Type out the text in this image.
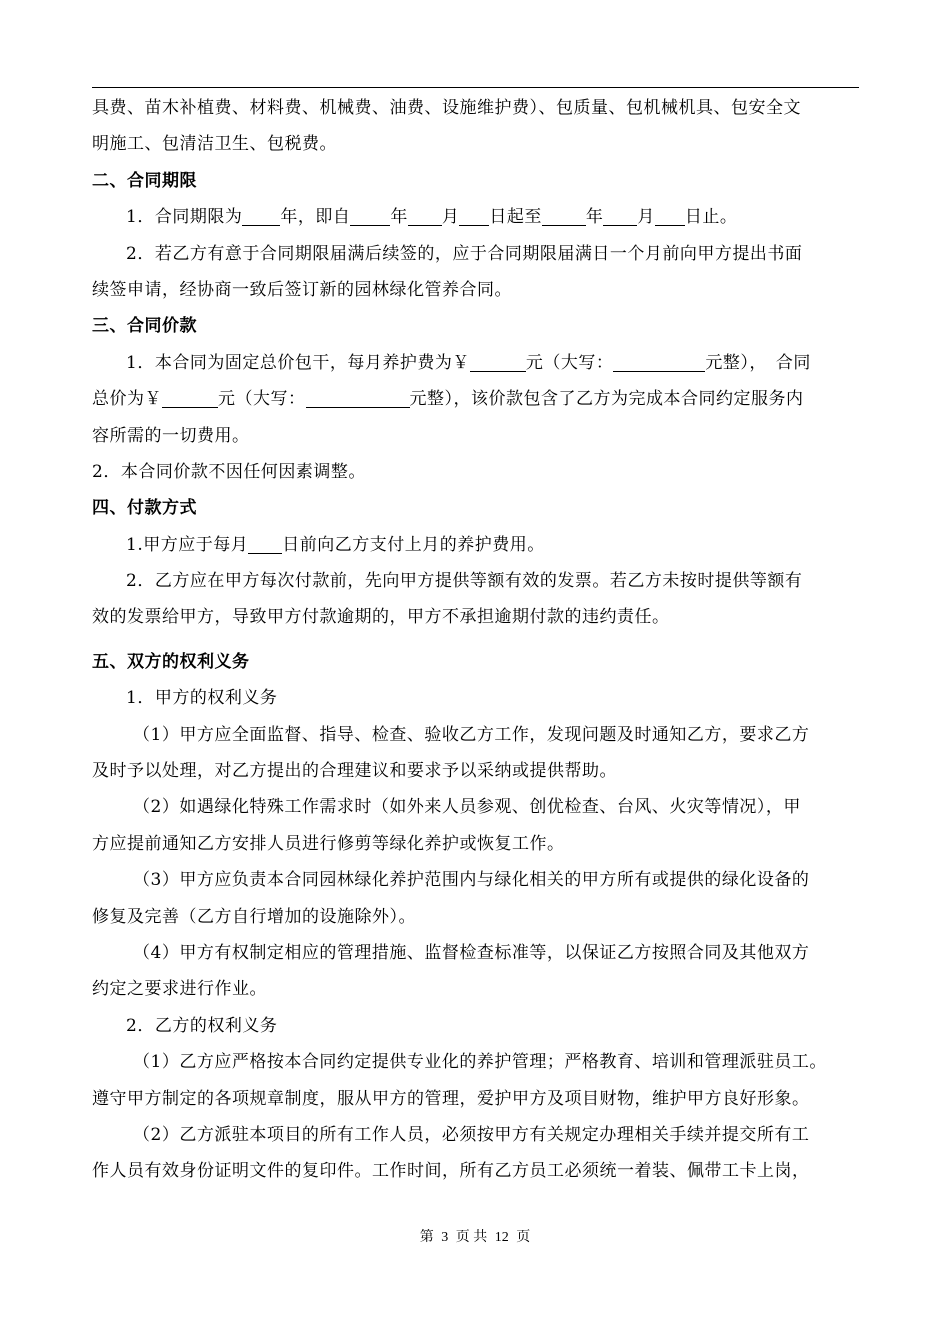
具费、苗木补植费、材料费、机械费、油费、设施维护费）、包质量、包机械机具、包安全文
明施工、包清洁卫生、包税费。
二、合同期限
1．合同期限为 年，即自 年 月 日起至	年 月 日止。
2．若乙方有意于合同期限届满后续签的，应于合同期限届满日一个月前向甲方提出书面
续签申请，经协商一致后签订新的园林绿化管养合同。
三、合同价款
1．本合同为固定总价包干，每月养护费为￥	元（大写：	元整），　合同
总价为￥	元（大写：	元整），该价款包含了乙方为完成本合同约定服务内
容所需的一切费用。
2．本合同价款不因任何因素调整。
四、付款方式
1.甲方应于每月 日前向乙方支付上月的养护费用。
2．乙方应在甲方每次付款前，先向甲方提供等额有效的发票。若乙方未按时提供等额有
效的发票给甲方，导致甲方付款逾期的，甲方不承担逾期付款的违约责任。
五、双方的权利义务
1．甲方的权利义务
（1）甲方应全面监督、指导、检查、验收乙方工作，发现问题及时通知乙方，要求乙方
及时予以处理，对乙方提出的合理建议和要求予以采纳或提供帮助。
（2）如遇绿化特殊工作需求时（如外来人员参观、创优检查、台风、火灾等情况），甲
方应提前通知乙方安排人员进行修剪等绿化养护或恢复工作。
（3）甲方应负责本合同园林绿化养护范围内与绿化相关的甲方所有或提供的绿化设备的
修复及完善（乙方自行增加的设施除外）。
（4）甲方有权制定相应的管理措施、监督检查标准等，以保证乙方按照合同及其他双方
约定之要求进行作业。
2．乙方的权利义务
（1）乙方应严格按本合同约定提供专业化的养护管理；严格教育、培训和管理派驻员工。
遵守甲方制定的各项规章制度，服从甲方的管理，爱护甲方及项目财物，维护甲方良好形象。
（2）乙方派驻本项目的所有工作人员，必须按甲方有关规定办理相关手续并提交所有工
作人员有效身份证明文件的复印件。工作时间，所有乙方员工必须统一着装、佩带工卡上岗，
第 3 页 共 12 页
